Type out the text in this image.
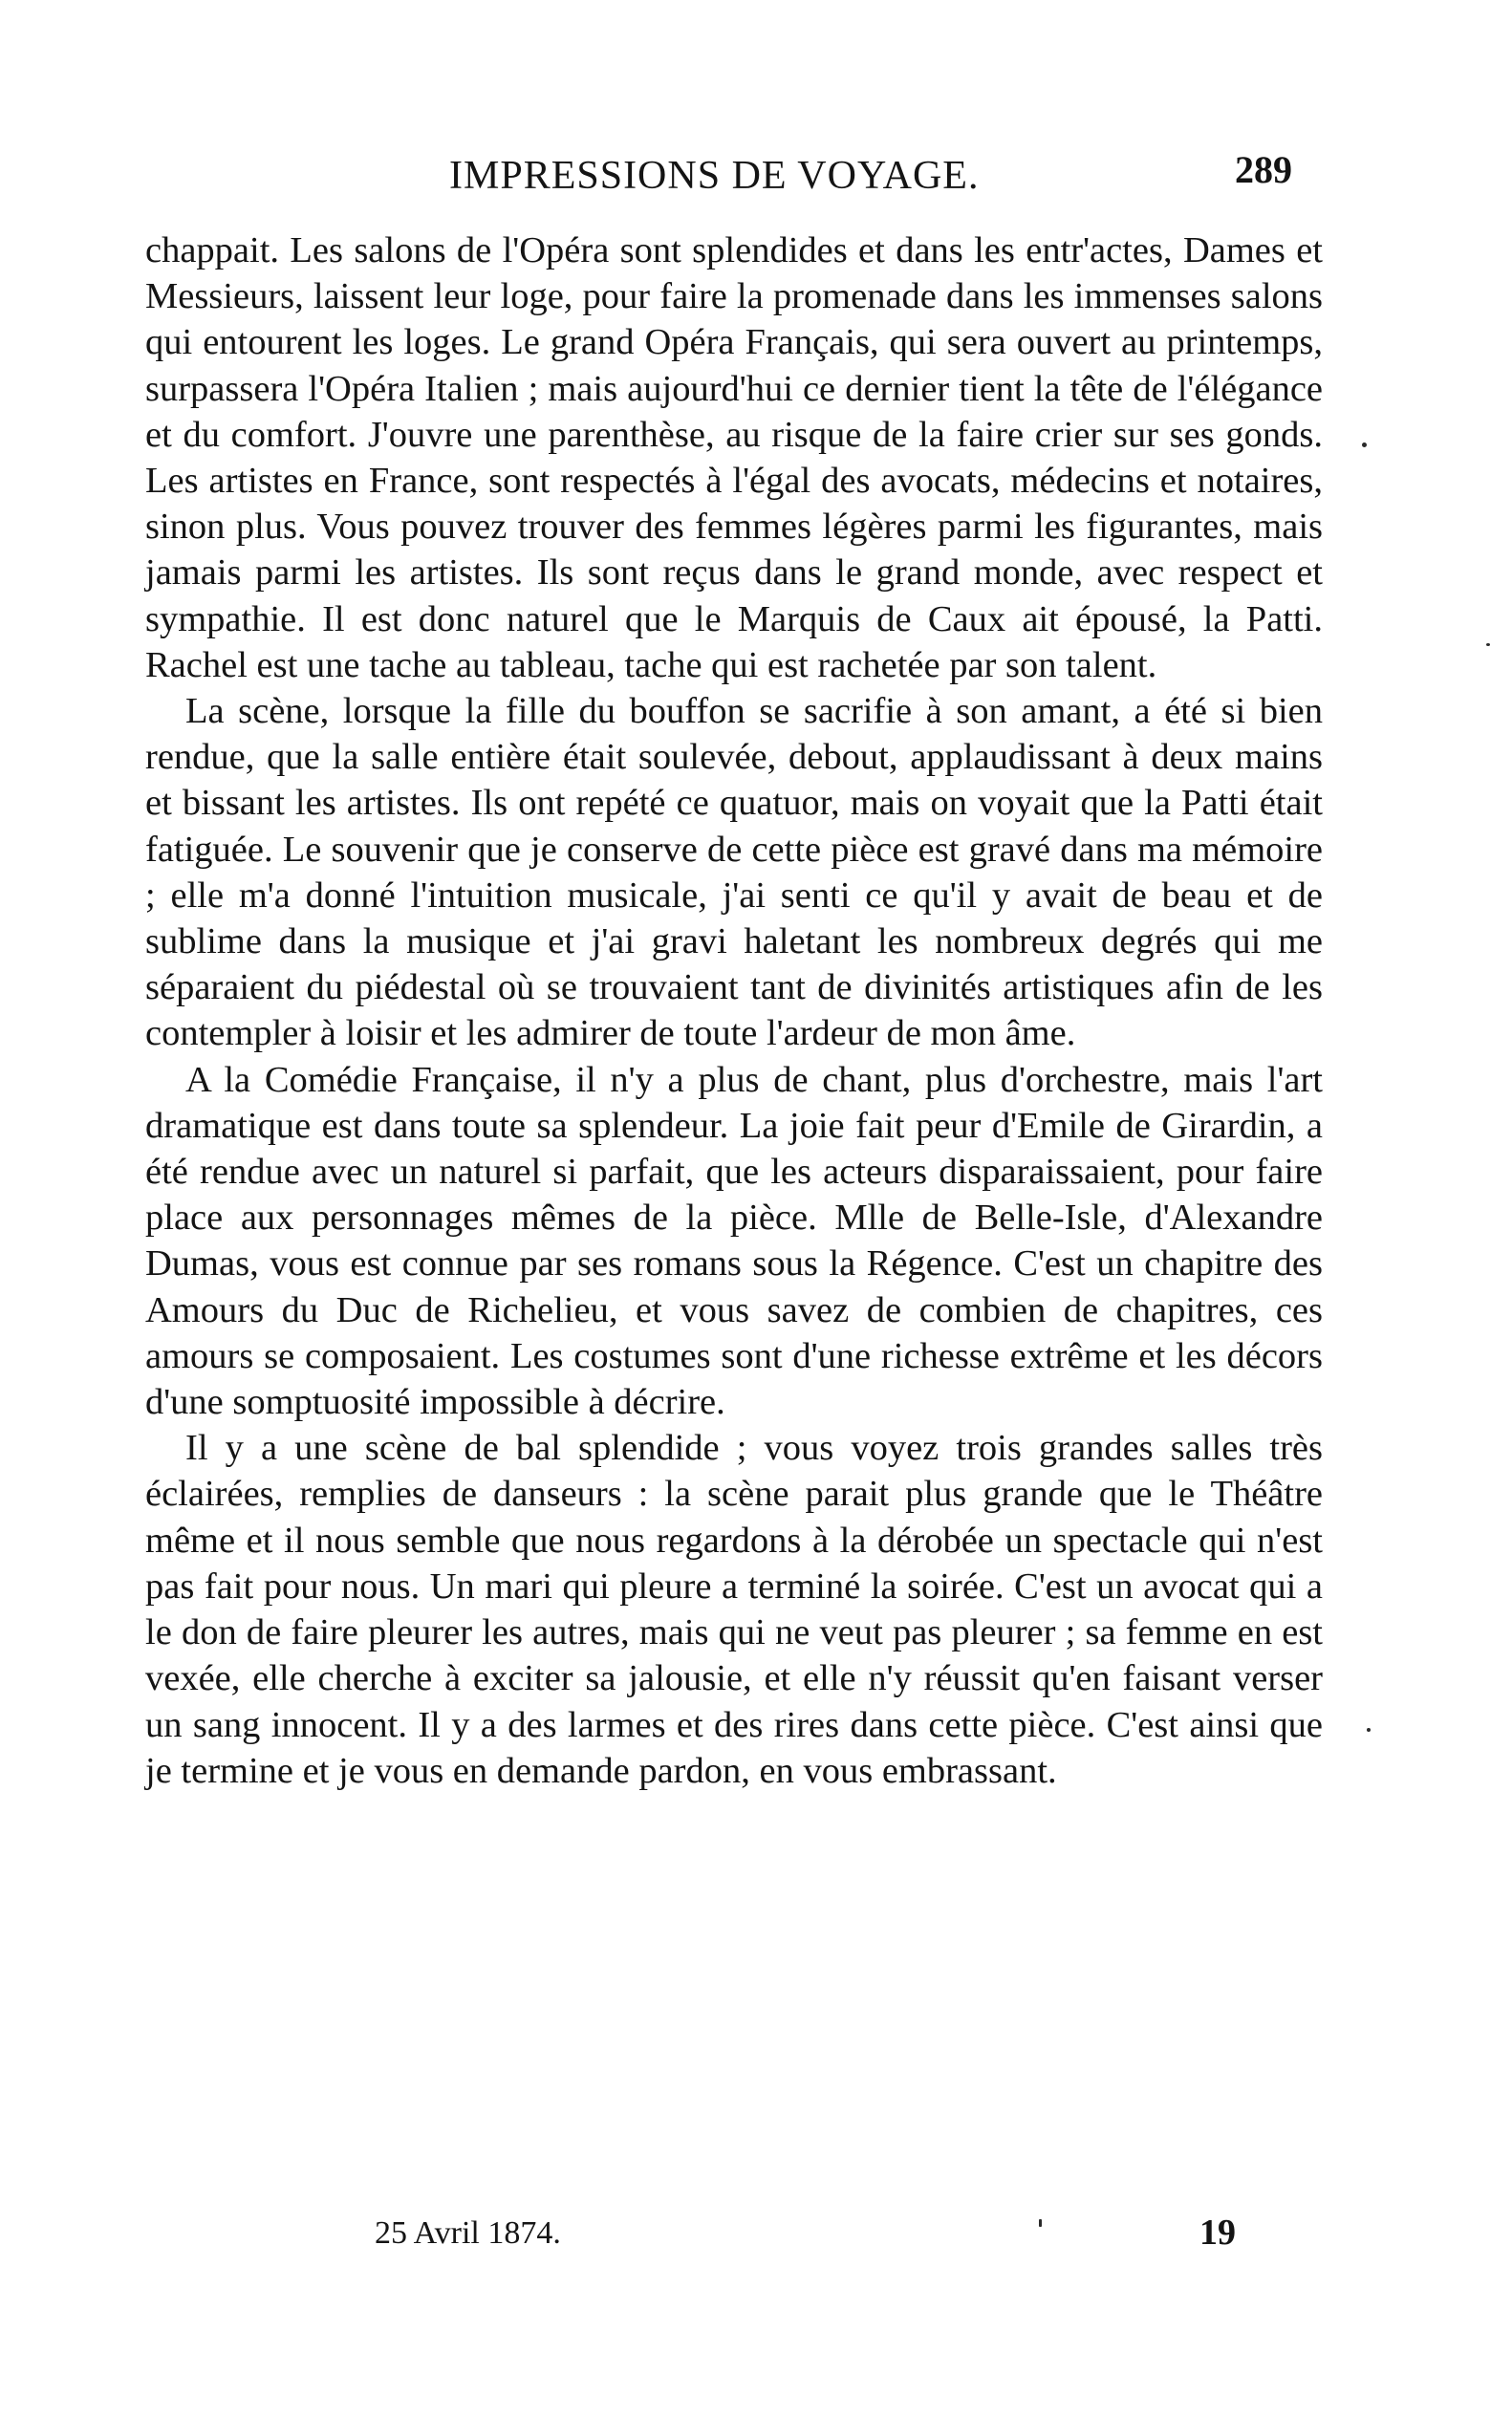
IMPRESSIONS DE VOYAGE.	289

chappait. Les salons de l'Opéra sont splendides et dans les entr'actes, Dames et Messieurs, laissent leur loge, pour faire la promenade dans les immenses salons qui entourent les loges. Le grand Opéra Français, qui sera ouvert au printemps, surpassera l'Opéra Italien ; mais aujourd'hui ce dernier tient la tête de l'élégance et du comfort. J'ouvre une parenthèse, au risque de la faire crier sur ses gonds. Les artistes en France, sont respectés à l'égal des avocats, médecins et notaires, sinon plus. Vous pouvez trouver des femmes légères parmi les figurantes, mais jamais parmi les artistes. Ils sont reçus dans le grand monde, avec respect et sympathie. Il est donc naturel que le Marquis de Caux ait épousé, la Patti. Rachel est une tache au tableau, tache qui est rachetée par son talent.

La scène, lorsque la fille du bouffon se sacrifie à son amant, a été si bien rendue, que la salle entière était soulevée, debout, applaudissant à deux mains et bissant les artistes. Ils ont repété ce quatuor, mais on voyait que la Patti était fatiguée. Le souvenir que je conserve de cette pièce est gravé dans ma mémoire ; elle m'a donné l'intuition musicale, j'ai senti ce qu'il y avait de beau et de sublime dans la musique et j'ai gravi haletant les nombreux degrés qui me séparaient du piédestal où se trouvaient tant de divinités artistiques afin de les contempler à loisir et les admirer de toute l'ardeur de mon âme.

A la Comédie Française, il n'y a plus de chant, plus d'orchestre, mais l'art dramatique est dans toute sa splendeur. La joie fait peur d'Emile de Girardin, a été rendue avec un naturel si parfait, que les acteurs disparaissaient, pour faire place aux personnages mêmes de la pièce. Mlle de Belle-Isle, d'Alexandre Dumas, vous est connue par ses romans sous la Régence. C'est un chapitre des Amours du Duc de Richelieu, et vous savez de combien de chapitres, ces amours se composaient. Les costumes sont d'une richesse extrême et les décors d'une somptuosité impossible à décrire.

Il y a une scène de bal splendide ; vous voyez trois grandes salles très éclairées, remplies de danseurs : la scène parait plus grande que le Théâtre même et il nous semble que nous regardons à la dérobée un spectacle qui n'est pas fait pour nous. Un mari qui pleure a terminé la soirée. C'est un avocat qui a le don de faire pleurer les autres, mais qui ne veut pas pleurer ; sa femme en est vexée, elle cherche à exciter sa jalousie, et elle n'y réussit qu'en faisant verser un sang innocent. Il y a des larmes et des rires dans cette pièce. C'est ainsi que je termine et je vous en demande pardon, en vous embrassant.

25 Avril 1874.	19
